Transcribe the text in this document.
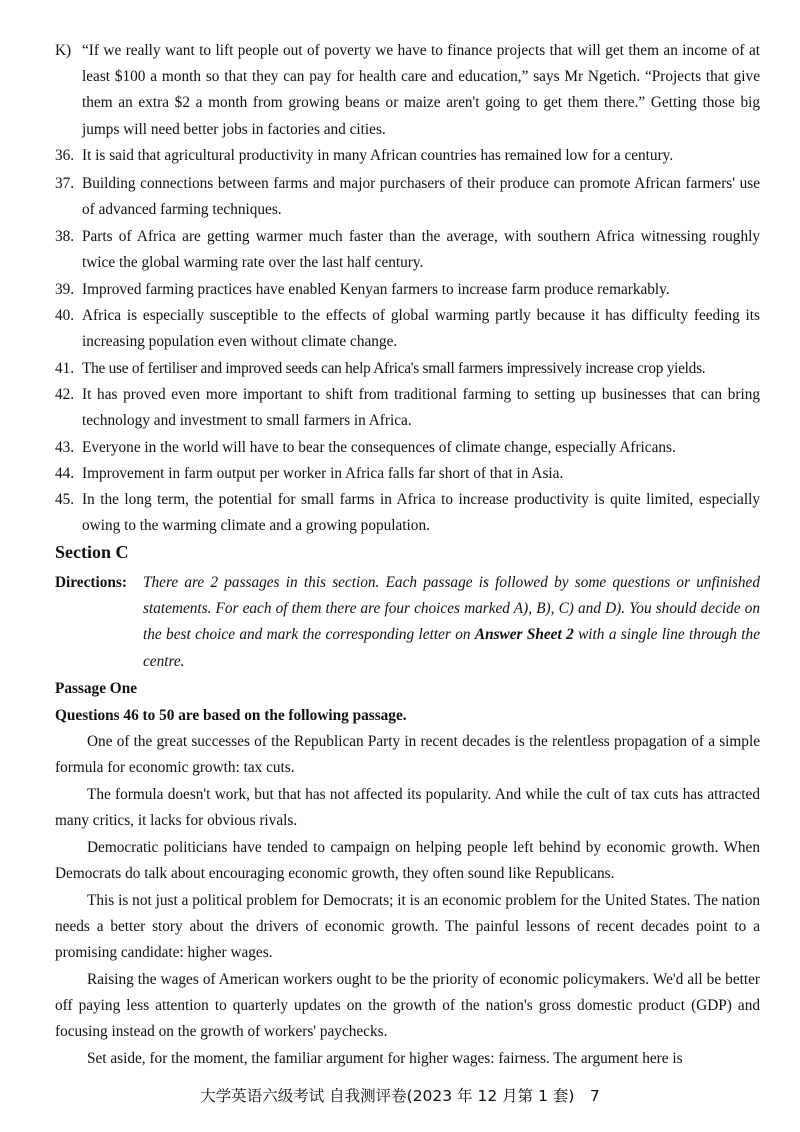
K) “If we really want to lift people out of poverty we have to finance projects that will get them an income of at least $100 a month so that they can pay for health care and education,” says Mr Ngetich. “Projects that give them an extra $2 a month from growing beans or maize aren't going to get them there.” Getting those big jumps will need better jobs in factories and cities.
36. It is said that agricultural productivity in many African countries has remained low for a century.
37. Building connections between farms and major purchasers of their produce can promote African farmers' use of advanced farming techniques.
38. Parts of Africa are getting warmer much faster than the average, with southern Africa witnessing roughly twice the global warming rate over the last half century.
39. Improved farming practices have enabled Kenyan farmers to increase farm produce remarkably.
40. Africa is especially susceptible to the effects of global warming partly because it has difficulty feeding its increasing population even without climate change.
41. The use of fertiliser and improved seeds can help Africa's small farmers impressively increase crop yields.
42. It has proved even more important to shift from traditional farming to setting up businesses that can bring technology and investment to small farmers in Africa.
43. Everyone in the world will have to bear the consequences of climate change, especially Africans.
44. Improvement in farm output per worker in Africa falls far short of that in Asia.
45. In the long term, the potential for small farms in Africa to increase productivity is quite limited, especially owing to the warming climate and a growing population.
Section C
Directions:	There are 2 passages in this section. Each passage is followed by some questions or unfinished statements. For each of them there are four choices marked A), B), C) and D). You should decide on the best choice and mark the corresponding letter on Answer Sheet 2 with a single line through the centre.
Passage One
Questions 46 to 50 are based on the following passage.
One of the great successes of the Republican Party in recent decades is the relentless propagation of a simple formula for economic growth: tax cuts.
The formula doesn't work, but that has not affected its popularity. And while the cult of tax cuts has attracted many critics, it lacks for obvious rivals.
Democratic politicians have tended to campaign on helping people left behind by economic growth. When Democrats do talk about encouraging economic growth, they often sound like Republicans.
This is not just a political problem for Democrats; it is an economic problem for the United States. The nation needs a better story about the drivers of economic growth. The painful lessons of recent decades point to a promising candidate: higher wages.
Raising the wages of American workers ought to be the priority of economic policymakers. We'd all be better off paying less attention to quarterly updates on the growth of the nation's gross domestic product (GDP) and focusing instead on the growth of workers' paychecks.
Set aside, for the moment, the familiar argument for higher wages: fairness. The argument here is
大学英语六级考试 自我测评卷(2023 年 12 月第 1 套)　7
